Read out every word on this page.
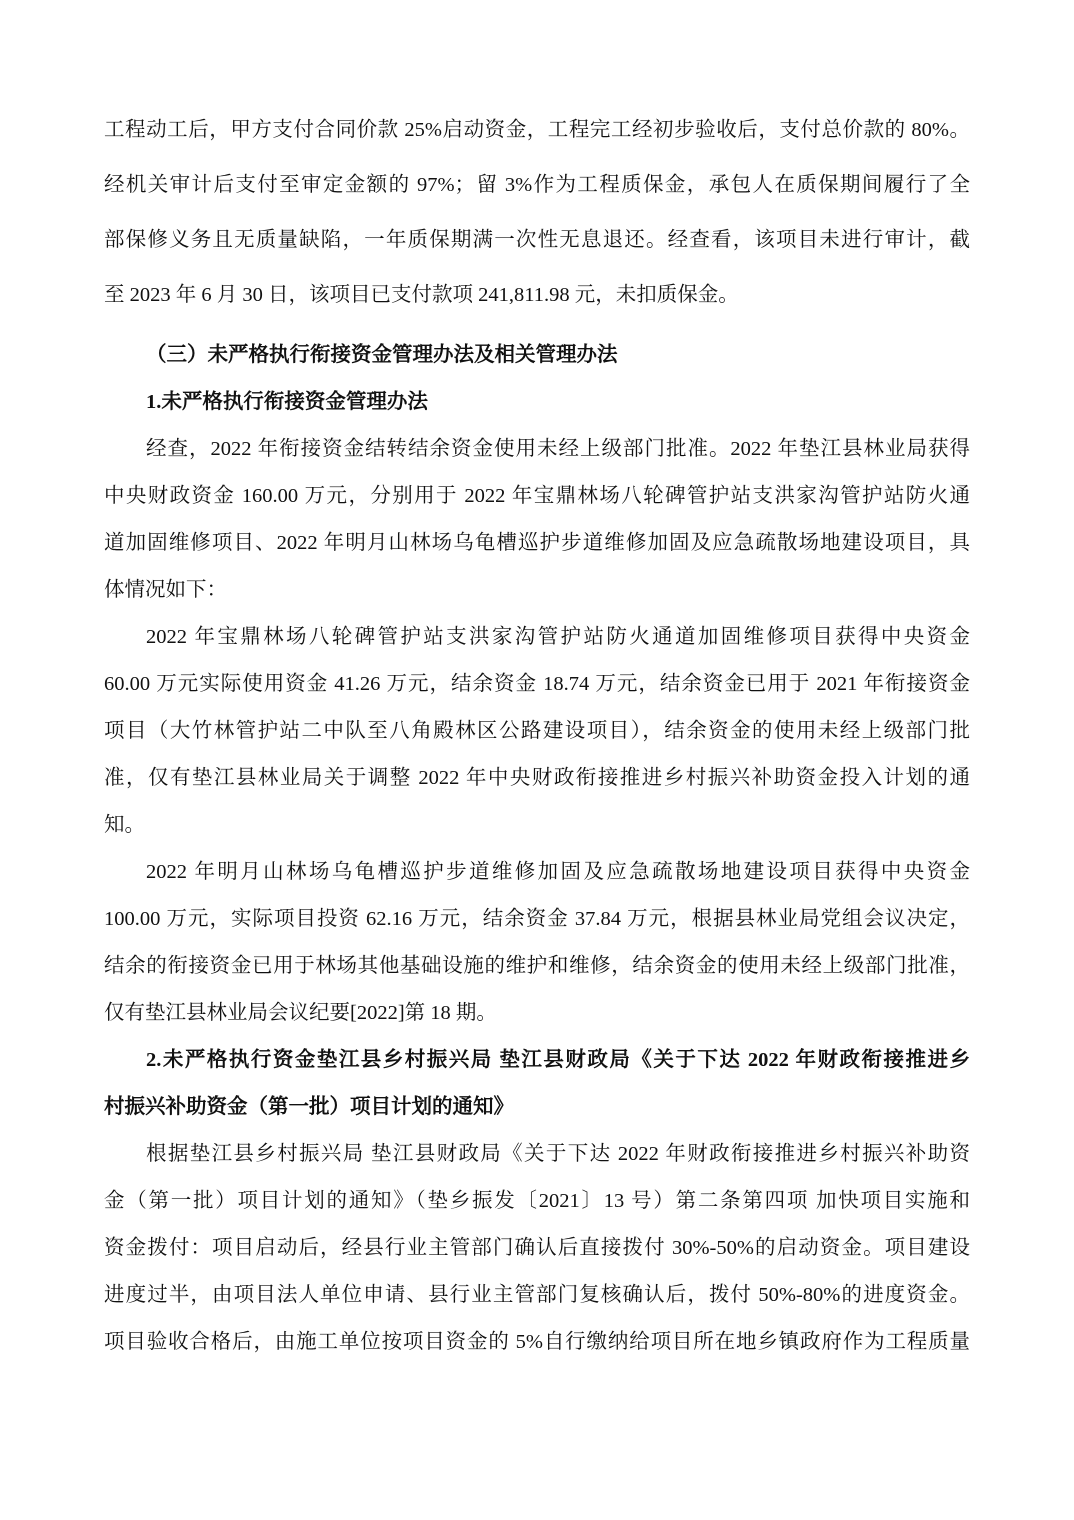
工程动工后，甲方支付合同价款 25%启动资金，工程完工经初步验收后，支付总价款的 80%。
经机关审计后支付至审定金额的 97%；留 3%作为工程质保金，承包人在质保期间履行了全
部保修义务且无质量缺陷，一年质保期满一次性无息退还。经查看，该项目未进行审计，截
至 2023 年 6 月 30 日，该项目已支付款项 241,811.98 元，未扣质保金。
（三）未严格执行衔接资金管理办法及相关管理办法
1.未严格执行衔接资金管理办法
经查，2022 年衔接资金结转结余资金使用未经上级部门批准。2022 年垫江县林业局获得
中央财政资金 160.00 万元，分别用于 2022 年宝鼎林场八轮碑管护站支洪家沟管护站防火通
道加固维修项目、2022 年明月山林场乌龟槽巡护步道维修加固及应急疏散场地建设项目，具
体情况如下：
2022 年宝鼎林场八轮碑管护站支洪家沟管护站防火通道加固维修项目获得中央资金
60.00 万元实际使用资金 41.26 万元，结余资金 18.74 万元，结余资金已用于 2021 年衔接资金
项目（大竹林管护站二中队至八角殿林区公路建设项目），结余资金的使用未经上级部门批
准，仅有垫江县林业局关于调整 2022 年中央财政衔接推进乡村振兴补助资金投入计划的通
知。
2022 年明月山林场乌龟槽巡护步道维修加固及应急疏散场地建设项目获得中央资金
100.00 万元，实际项目投资 62.16 万元，结余资金 37.84 万元，根据县林业局党组会议决定，
结余的衔接资金已用于林场其他基础设施的维护和维修，结余资金的使用未经上级部门批准，
仅有垫江县林业局会议纪要[2022]第 18 期。
2.未严格执行资金垫江县乡村振兴局 垫江县财政局《关于下达 2022 年财政衔接推进乡
村振兴补助资金（第一批）项目计划的通知》
根据垫江县乡村振兴局 垫江县财政局《关于下达 2022 年财政衔接推进乡村振兴补助资
金（第一批）项目计划的通知》（垫乡振发〔2021〕13 号）第二条第四项 加快项目实施和
资金拨付：项目启动后，经县行业主管部门确认后直接拨付 30%-50%的启动资金。项目建设
进度过半，由项目法人单位申请、县行业主管部门复核确认后，拨付 50%-80%的进度资金。
项目验收合格后，由施工单位按项目资金的 5%自行缴纳给项目所在地乡镇政府作为工程质量
